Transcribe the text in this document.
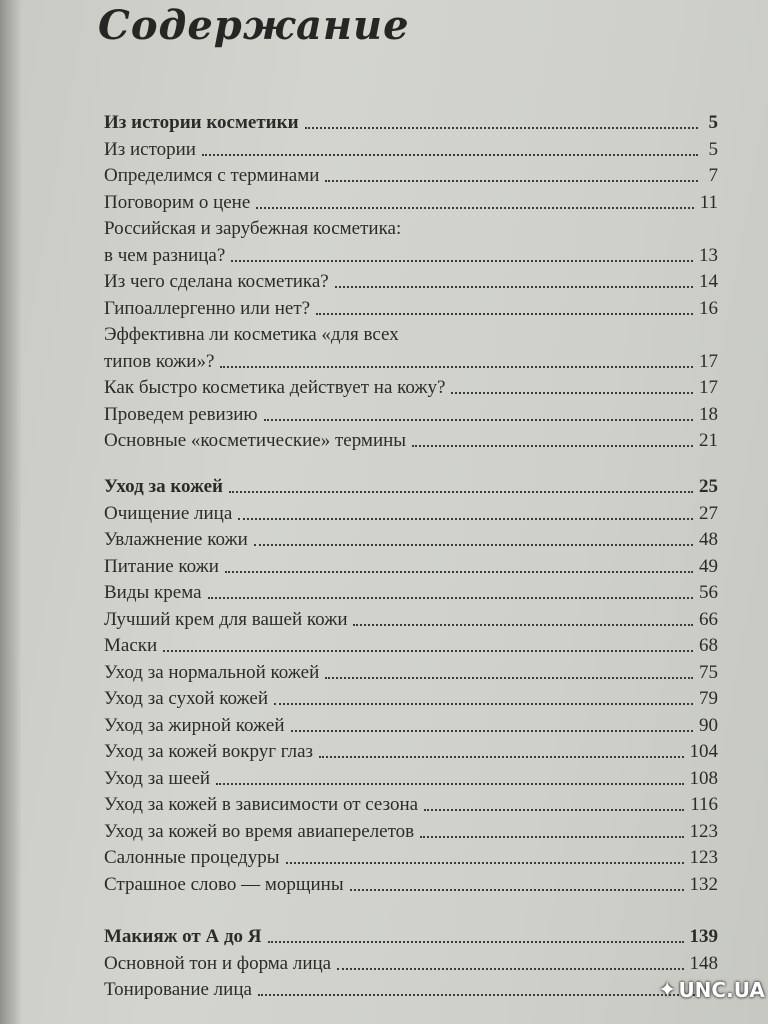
Содержание
Из истории косметики	5
Из истории	5
Определимся с терминами	7
Поговорим о цене	11
Российская и зарубежная косметика:
в чем разница?	13
Из чего сделана косметика?	14
Гипоаллергенно или нет?	16
Эффективна ли косметика «для всех
типов кожи»?	17
Как быстро косметика действует на кожу?	17
Проведем ревизию	18
Основные «косметические» термины	21
Уход за кожей	25
Очищение лица	27
Увлажнение кожи	48
Питание кожи	49
Виды крема	56
Лучший крем для вашей кожи	66
Маски	68
Уход за нормальной кожей	75
Уход за сухой кожей	79
Уход за жирной кожей	90
Уход за кожей вокруг глаз	104
Уход за шеей	108
Уход за кожей в зависимости от сезона	116
Уход за кожей во время авиаперелетов	123
Салонные процедуры	123
Страшное слово — морщины	132
Макияж от А до Я	139
Основной тон и форма лица	148
Тонирование лица	✦ UNC.UA
